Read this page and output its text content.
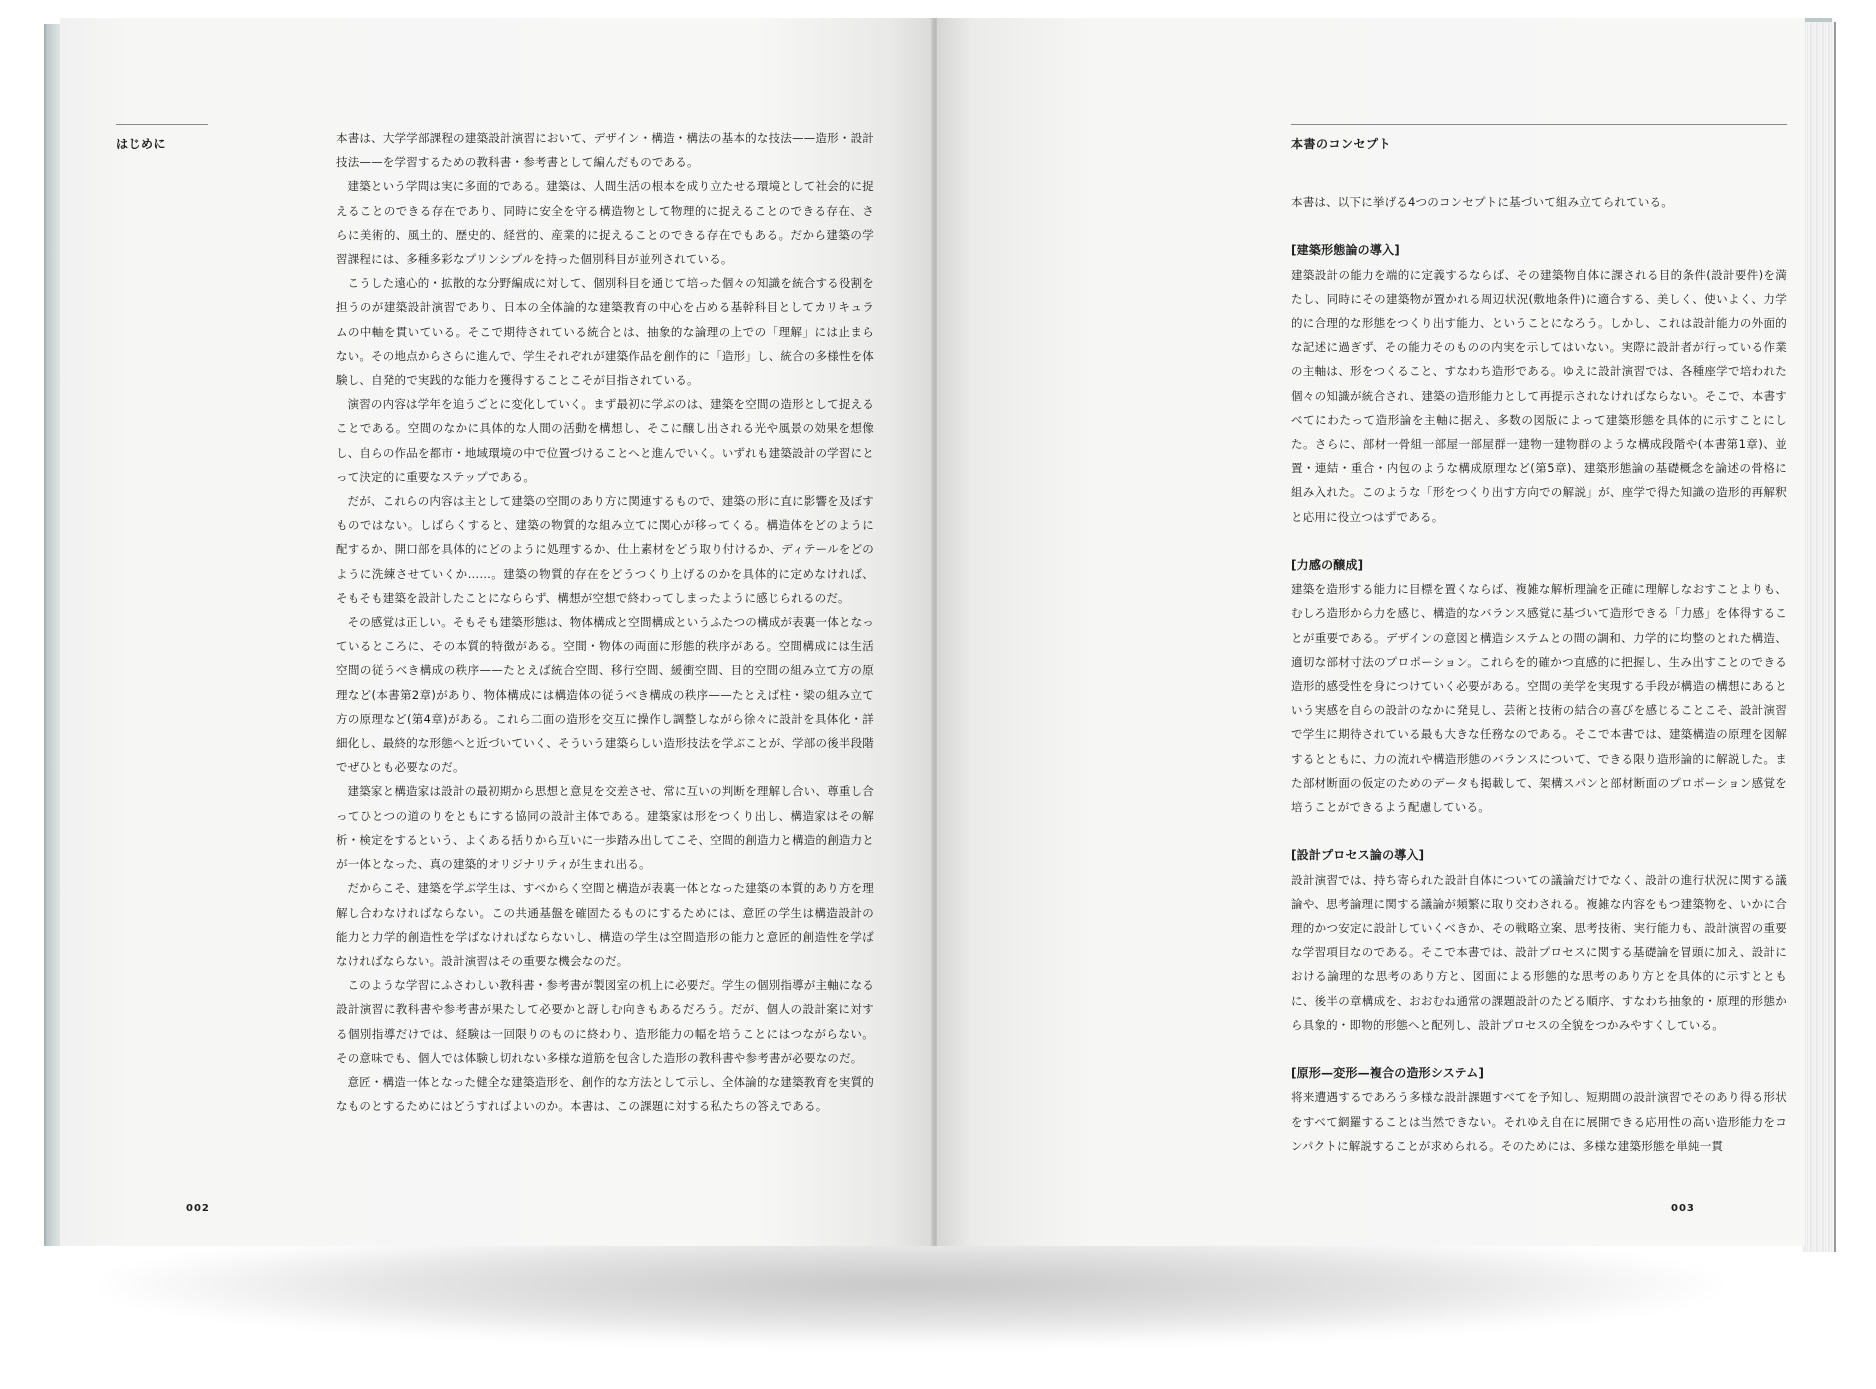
はじめに	本書は、大学学部課程の建築設計演習において、デザイン・構造・構法の基本的な技法——造形・設計技法——を学習するための教科書・参考書として編んだものである。

建築という学問は実に多面的である。建築は、人間生活の根本を成り立たせる環境として社会的に捉えることのできる存在であり、同時に安全を守る構造物として物理的に捉えることのできる存在、さらに美術的、風土的、歴史的、経営的、産業的に捉えることのできる存在でもある。だから建築の学習課程には、多種多彩なプリンシプルを持った個別科目が並列されている。

こうした遠心的・拡散的な分野編成に対して、個別科目を通じて培った個々の知識を統合する役割を担うのが建築設計演習であり、日本の全体論的な建築教育の中心を占める基幹科目としてカリキュラムの中軸を貫いている。そこで期待されている統合とは、抽象的な論理の上での「理解」には止まらない。その地点からさらに進んで、学生それぞれが建築作品を創作的に「造形」し、統合の多様性を体験し、自発的で実践的な能力を獲得することこそが目指されている。

演習の内容は学年を追うごとに変化していく。まず最初に学ぶのは、建築を空間の造形として捉えることである。空間のなかに具体的な人間の活動を構想し、そこに醸し出される光や風景の効果を想像し、自らの作品を都市・地域環境の中で位置づけることへと進んでいく。いずれも建築設計の学習にとって決定的に重要なステップである。

だが、これらの内容は主として建築の空間のあり方に関連するもので、建築の形に直に影響を及ぼすものではない。しばらくすると、建築の物質的な組み立てに関心が移ってくる。構造体をどのように配するか、開口部を具体的にどのように処理するか、仕上素材をどう取り付けるか、ディテールをどのように洗練させていくか……。建築の物質的存在をどうつくり上げるのかを具体的に定めなければ、そもそも建築を設計したことになららず、構想が空想で終わってしまったように感じられるのだ。

その感覚は正しい。そもそも建築形態は、物体構成と空間構成というふたつの構成が表裏一体となっているところに、その本質的特徴がある。空間・物体の両面に形態的秩序がある。空間構成には生活空間の従うべき構成の秩序——たとえば統合空間、移行空間、緩衝空間、目的空間の組み立て方の原理など(本書第2章)があり、物体構成には構造体の従うべき構成の秩序——たとえば柱・梁の組み立て方の原理など(第4章)がある。これら二面の造形を交互に操作し調整しながら徐々に設計を具体化・詳細化し、最終的な形態へと近づいていく、そういう建築らしい造形技法を学ぶことが、学部の後半段階でぜひとも必要なのだ。

建築家と構造家は設計の最初期から思想と意見を交差させ、常に互いの判断を理解し合い、尊重し合ってひとつの道のりをともにする協同の設計主体である。建築家は形をつくり出し、構造家はその解析・検定をするという、よくある括りから互いに一歩踏み出してこそ、空間的創造力と構造的創造力とが一体となった、真の建築的オリジナリティが生まれ出る。

だからこそ、建築を学ぶ学生は、すべからく空間と構造が表裏一体となった建築の本質的あり方を理解し合わなければならない。この共通基盤を確固たるものにするためには、意匠の学生は構造設計の能力と力学的創造性を学ばなければならないし、構造の学生は空間造形の能力と意匠的創造性を学ばなければならない。設計演習はその重要な機会なのだ。

このような学習にふさわしい教科書・参考書が製図室の机上に必要だ。学生の個別指導が主軸になる設計演習に教科書や参考書が果たして必要かと訝しむ向きもあるだろう。だが、個人の設計案に対する個別指導だけでは、経験は一回限りのものに終わり、造形能力の幅を培うことにはつながらない。その意味でも、個人では体験し切れない多様な道筋を包含した造形の教科書や参考書が必要なのだ。

意匠・構造一体となった健全な建築造形を、創作的な方法として示し、全体論的な建築教育を実質的なものとするためにはどうすればよいのか。本書は、この課題に対する私たちの答えである。

002
本書のコンセプト

本書は、以下に挙げる4つのコンセプトに基づいて組み立てられている。

[建築形態論の導入]

建築設計の能力を端的に定義するならば、その建築物自体に課される目的条件(設計要件)を満たし、同時にその建築物が置かれる周辺状況(敷地条件)に適合する、美しく、使いよく、力学的に合理的な形態をつくり出す能力、ということになろう。しかし、これは設計能力の外面的な記述に過ぎず、その能力そのものの内実を示してはいない。実際に設計者が行っている作業の主軸は、形をつくること、すなわち造形である。ゆえに設計演習では、各種座学で培われた個々の知識が統合され、建築の造形能力として再提示されなければならない。そこで、本書すべてにわたって造形論を主軸に据え、多数の図版によって建築形態を具体的に示すことにした。さらに、部材一骨組一部屋一部屋群一建物一建物群のような構成段階や(本書第1章)、並置・連結・重合・内包のような構成原理など(第5章)、建築形態論の基礎概念を論述の骨格に組み入れた。このような「形をつくり出す方向での解説」が、座学で得た知識の造形的再解釈と応用に役立つはずである。

[力感の醸成]

建築を造形する能力に目標を置くならば、複雑な解析理論を正確に理解しなおすことよりも、むしろ造形から力を感じ、構造的なバランス感覚に基づいて造形できる「力感」を体得することが重要である。デザインの意図と構造システムとの間の調和、力学的に均整のとれた構造、適切な部材寸法のプロポーション。これらを的確かつ直感的に把握し、生み出すことのできる造形的感受性を身につけていく必要がある。空間の美学を実現する手段が構造の構想にあるという実感を自らの設計のなかに発見し、芸術と技術の結合の喜びを感じることこそ、設計演習で学生に期待されている最も大きな任務なのである。そこで本書では、建築構造の原理を図解するとともに、力の流れや構造形態のバランスについて、できる限り造形論的に解説した。また部材断面の仮定のためのデータも掲載して、架構スパンと部材断面のプロポーション感覚を培うことができるよう配慮している。

[設計プロセス論の導入]

設計演習では、持ち寄られた設計自体についての議論だけでなく、設計の進行状況に関する議論や、思考論理に関する議論が頻繁に取り交わされる。複雑な内容をもつ建築物を、いかに合理的かつ安定に設計していくべきか、その戦略立案、思考技術、実行能力も、設計演習の重要な学習項目なのである。そこで本書では、設計プロセスに関する基礎論を冒頭に加え、設計における論理的な思考のあり方と、図面による形態的な思考のあり方とを具体的に示すとともに、後半の章構成を、おおむね通常の課題設計のたどる順序、すなわち抽象的・原理的形態から具象的・即物的形態へと配列し、設計プロセスの全貌をつかみやすくしている。

[原形—変形—複合の造形システム]

将来遭遇するであろう多様な設計課題すべてを予知し、短期間の設計演習でそのあり得る形状をすべて網羅することは当然できない。それゆえ自在に展開できる応用性の高い造形能力をコンパクトに解説することが求められる。そのためには、多様な建築形態を単純一貫

003
